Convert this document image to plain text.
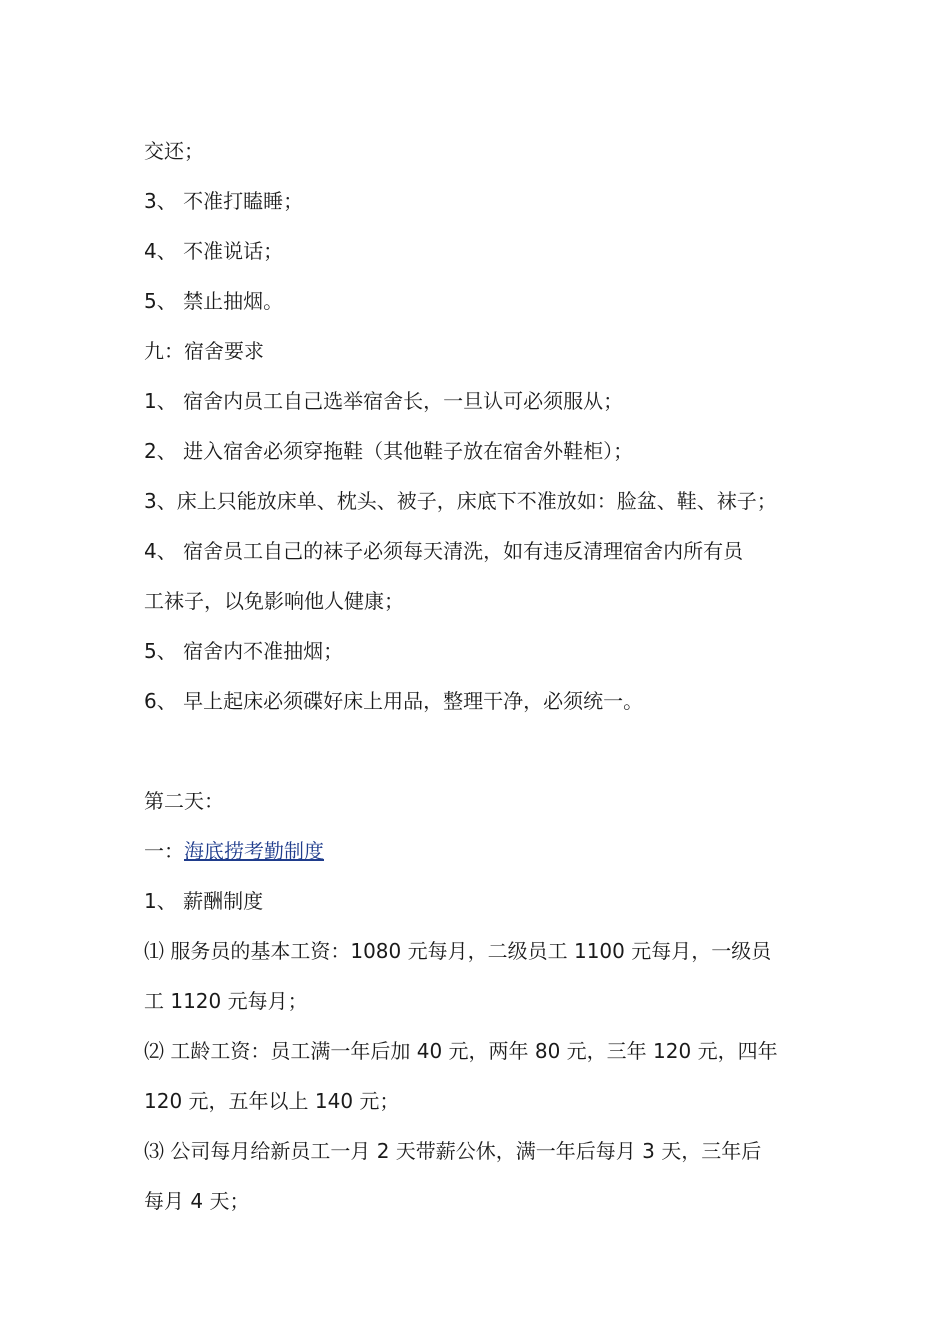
交还；
3、 不准打瞌睡；
4、 不准说话；
5、 禁止抽烟。
九：宿舍要求
1、 宿舍内员工自己选举宿舍长，一旦认可必须服从；
2、 进入宿舍必须穿拖鞋（其他鞋子放在宿舍外鞋柜）；
3、床上只能放床单、枕头、被子，床底下不准放如：脸盆、鞋、袜子；
4、 宿舍员工自己的袜子必须每天清洗，如有违反清理宿舍内所有员
工袜子，以免影响他人健康；
5、 宿舍内不准抽烟；
6、 早上起床必须碟好床上用品，整理干净，必须统一。
第二天：
一：海底捞考勤制度
1、 薪酬制度
⑴ 服务员的基本工资：1080 元每月，二级员工 1100 元每月，一级员
工 1120 元每月；
⑵ 工龄工资：员工满一年后加 40 元，两年 80 元，三年 120 元，四年
120 元，五年以上 140 元；
⑶ 公司每月给新员工一月 2 天带薪公休，满一年后每月 3 天，三年后
每月 4 天；
